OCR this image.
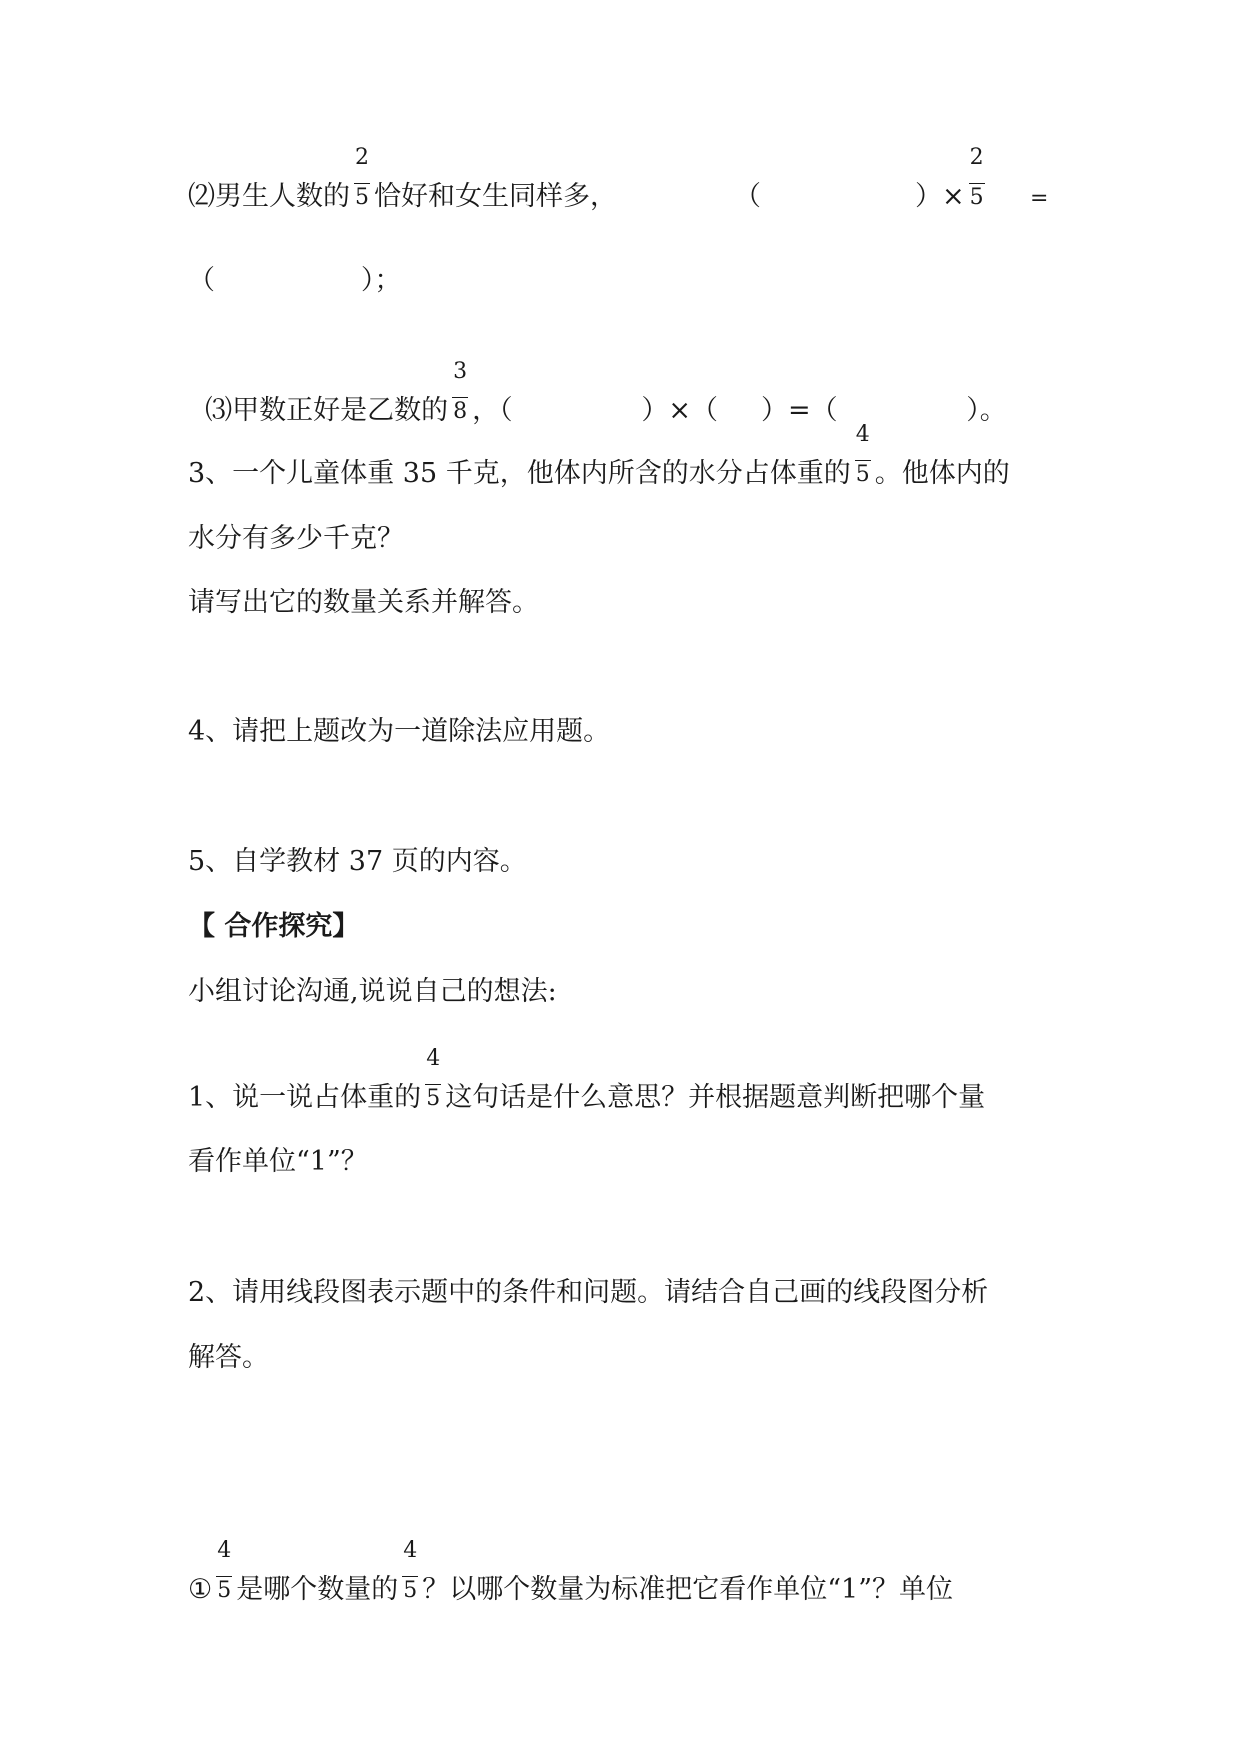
⑵男生人数的 $\frac{2}{5}$ 恰好和女生同样多，	（	）× $\frac{2}{5}$ =
（                 ）；

⑶甲数正好是乙数的 $\frac{3}{8}$ ，（               ）×（     ）=（               ）。

3、一个儿童体重 35 千克，他体内所含的水分占体重的 $\frac{4}{5}$ 。他体内的
水分有多少千克？
请写出它的数量关系并解答。
4、请把上题改为一道除法应用题。
5、自学教材 37 页的内容。
【 合作探究】
小组讨论沟通,说说自己的想法:
1、说一说占体重的 $\frac{4}{5}$ 这句话是什么意思？并根据题意判断把哪个量
看作单位“1”？
2、请用线段图表示题中的条件和问题。请结合自己画的线段图分析
解答。
① $\frac{4}{5}$ 是哪个数量的 $\frac{4}{5}$ ？以哪个数量为标准把它看作单位“1”？单位
